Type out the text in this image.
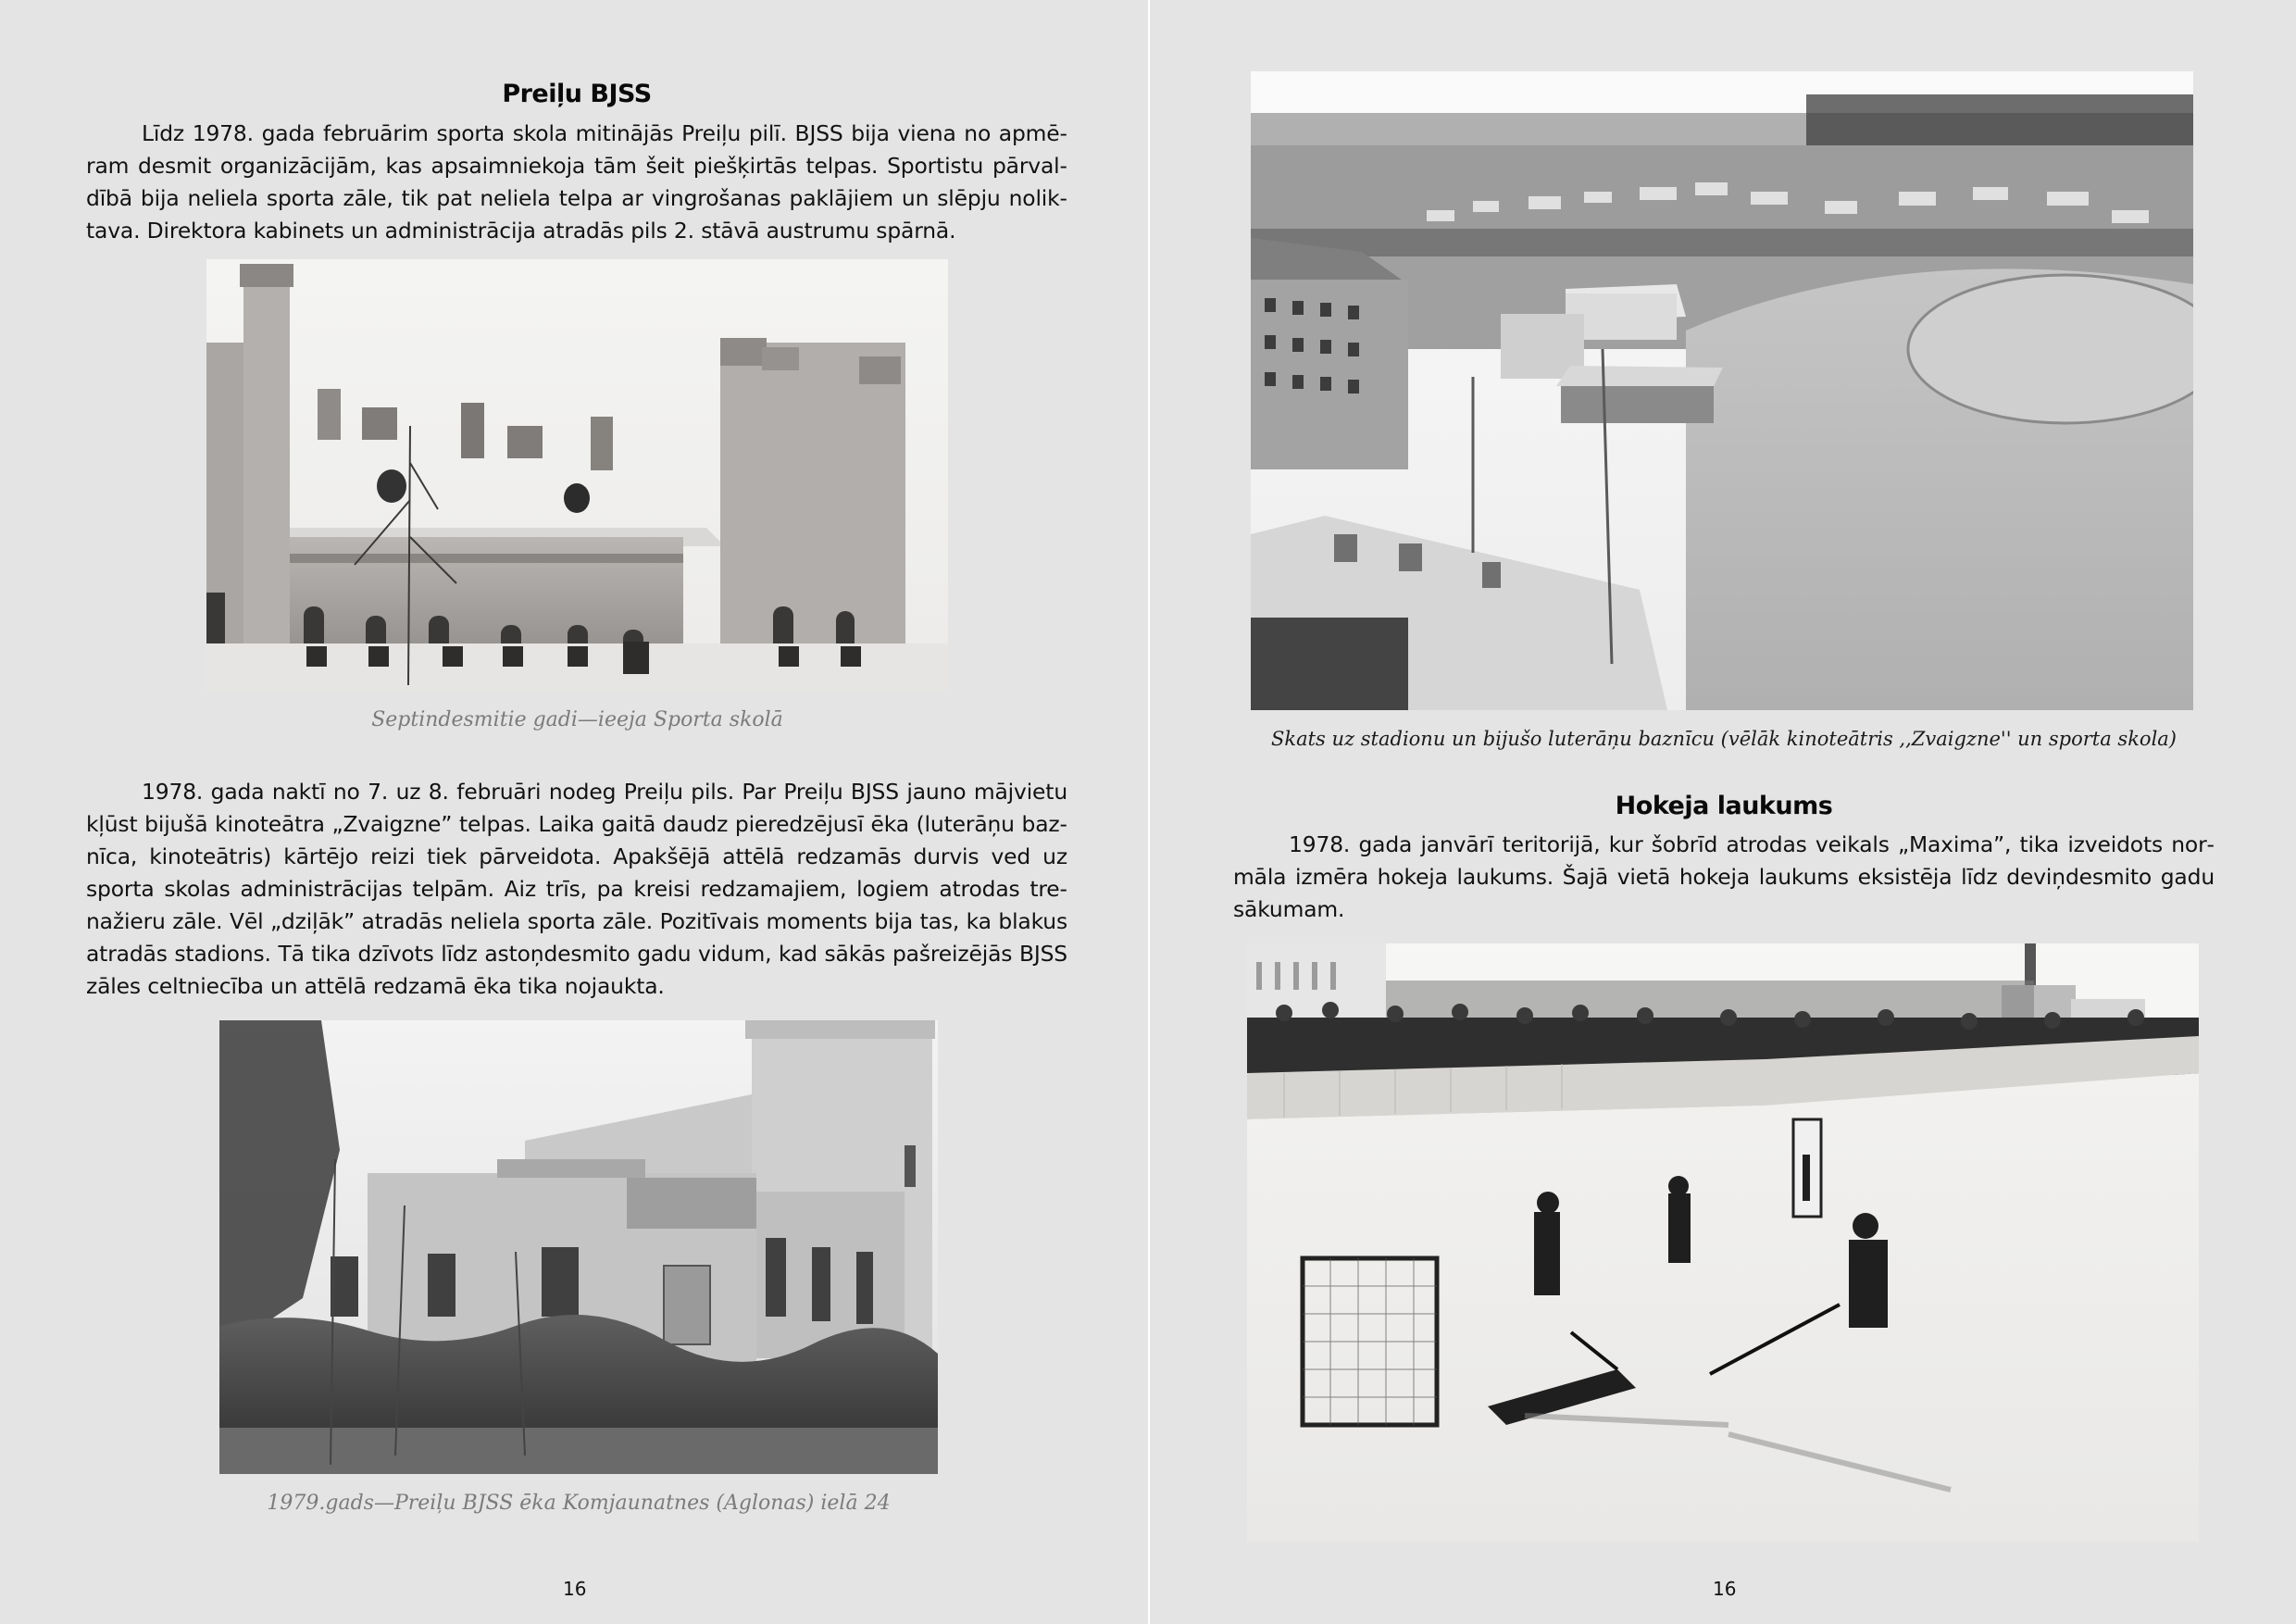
Preiļu BJSS

Līdz 1978. gada februārim sporta skola mitinājās Preiļu pilī. BJSS bija viena no apmēram desmit organizācijām, kas apsaimniekoja tām šeit piešķirtās telpas. Sportistu pārvaldībā bija neliela sporta zāle, tik pat neliela telpa ar vingrošanas paklājiem un slēpju noliktava. Direktora kabinets un administrācija atradās pils 2. stāvā austrumu spārnā.

Septindesmitie gadi—ieeja Sporta skolā

1978. gada naktī no 7. uz 8. februāri nodeg Preiļu pils. Par Preiļu BJSS jauno mājvietu kļūst bijušā kinoteātra „Zvaigzne” telpas. Laika gaitā daudz pieredzējusī ēka (luterāņu baznīca, kinoteātris) kārtējo reizi tiek pārveidota. Apakšējā attēlā redzamās durvis ved uz sporta skolas administrācijas telpām. Aiz trīs, pa kreisi redzamajiem, logiem atrodas trenažieru zāle. Vēl „dziļāk” atradās neliela sporta zāle. Pozitīvais moments bija tas, ka blakus atradās stadions. Tā tika dzīvots līdz astoņdesmito gadu vidum, kad sākās pašreizējās BJSS zāles celtniecība un attēlā redzamā ēka tika nojaukta.

1979.gads—Preiļu BJSS ēka Komjaunatnes (Aglonas) ielā 24
16
Skats uz stadionu un bijušo luterāņu baznīcu (vēlāk kinoteātris ,,Zvaigzne'' un sporta skola)
Hokeja laukums

1978. gada janvārī teritorijā, kur šobrīd atrodas veikals „Maxima”, tika izveidots normāla izmēra hokeja laukums. Šajā vietā hokeja laukums eksistēja līdz deviņdesmito gadu sākumam.

16
